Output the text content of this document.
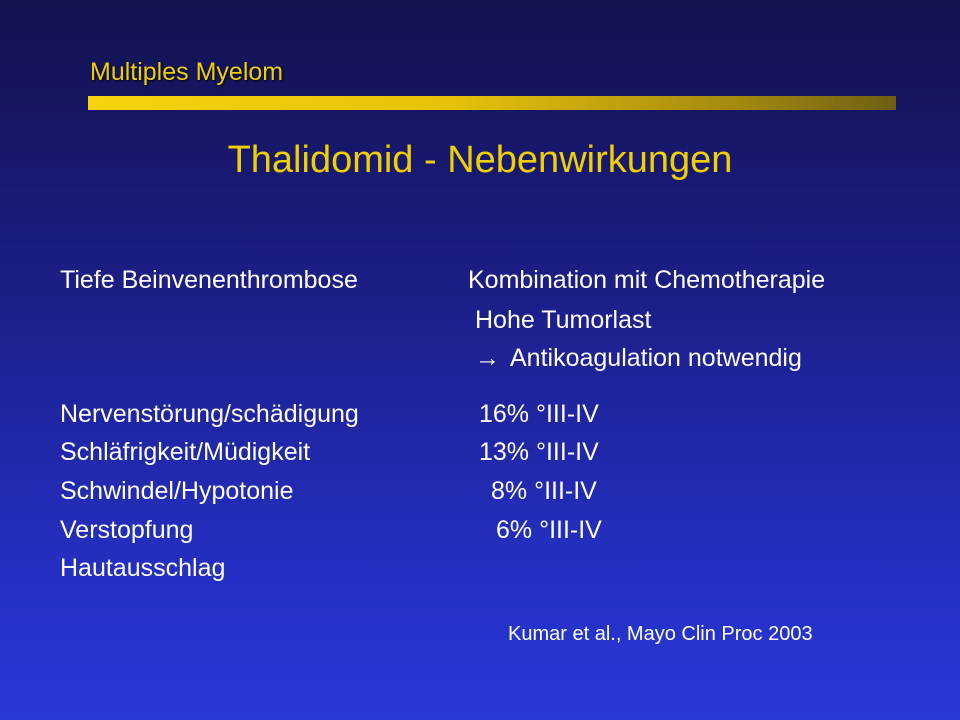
Multiples Myelom
Thalidomid - Nebenwirkungen
Tiefe Beinvenenthrombose	Kombination mit Chemotherapie
Hohe Tumorlast
→ Antikoagulation notwendig
Nervenstörung/schädigung	16% °III-IV
Schläfrigkeit/Müdigkeit	13% °III-IV
Schwindel/Hypotonie	8% °III-IV
Verstopfung	6% °III-IV
Hautausschlag
Kumar et al., Mayo Clin Proc 2003
